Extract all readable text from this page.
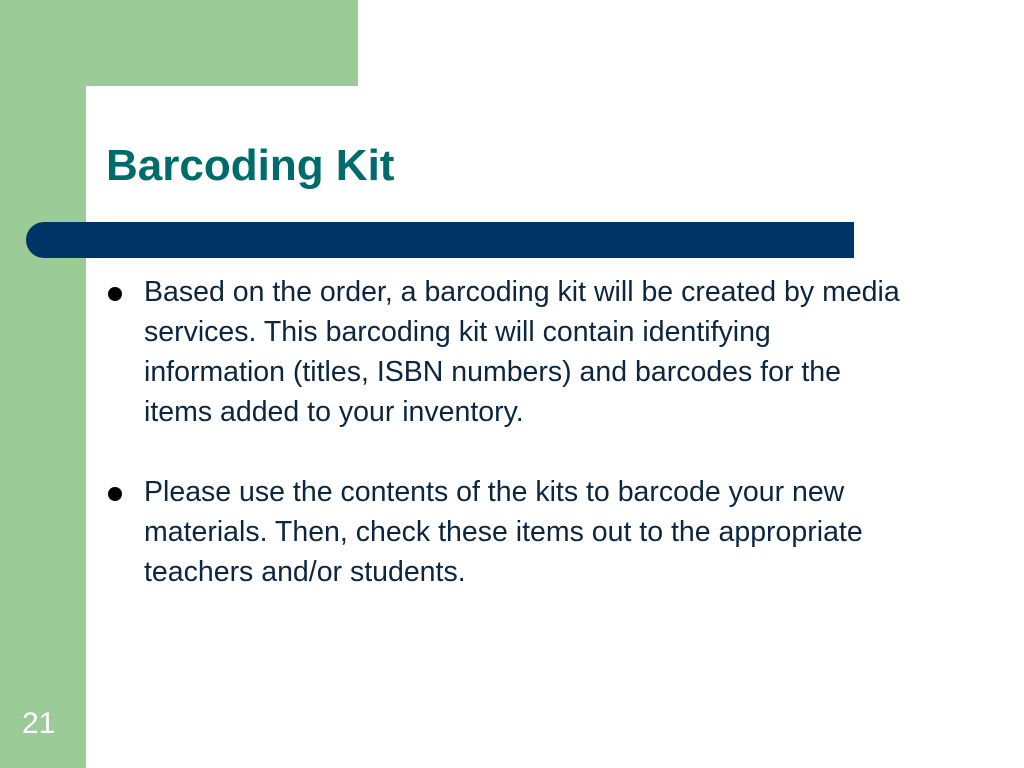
Barcoding Kit
Based on the order, a barcoding kit will be created by media services. This barcoding kit will contain identifying information (titles, ISBN numbers) and barcodes for the items added to your inventory.
Please use the contents of the kits to barcode your new materials. Then, check these items out to the appropriate teachers and/or students.
21
